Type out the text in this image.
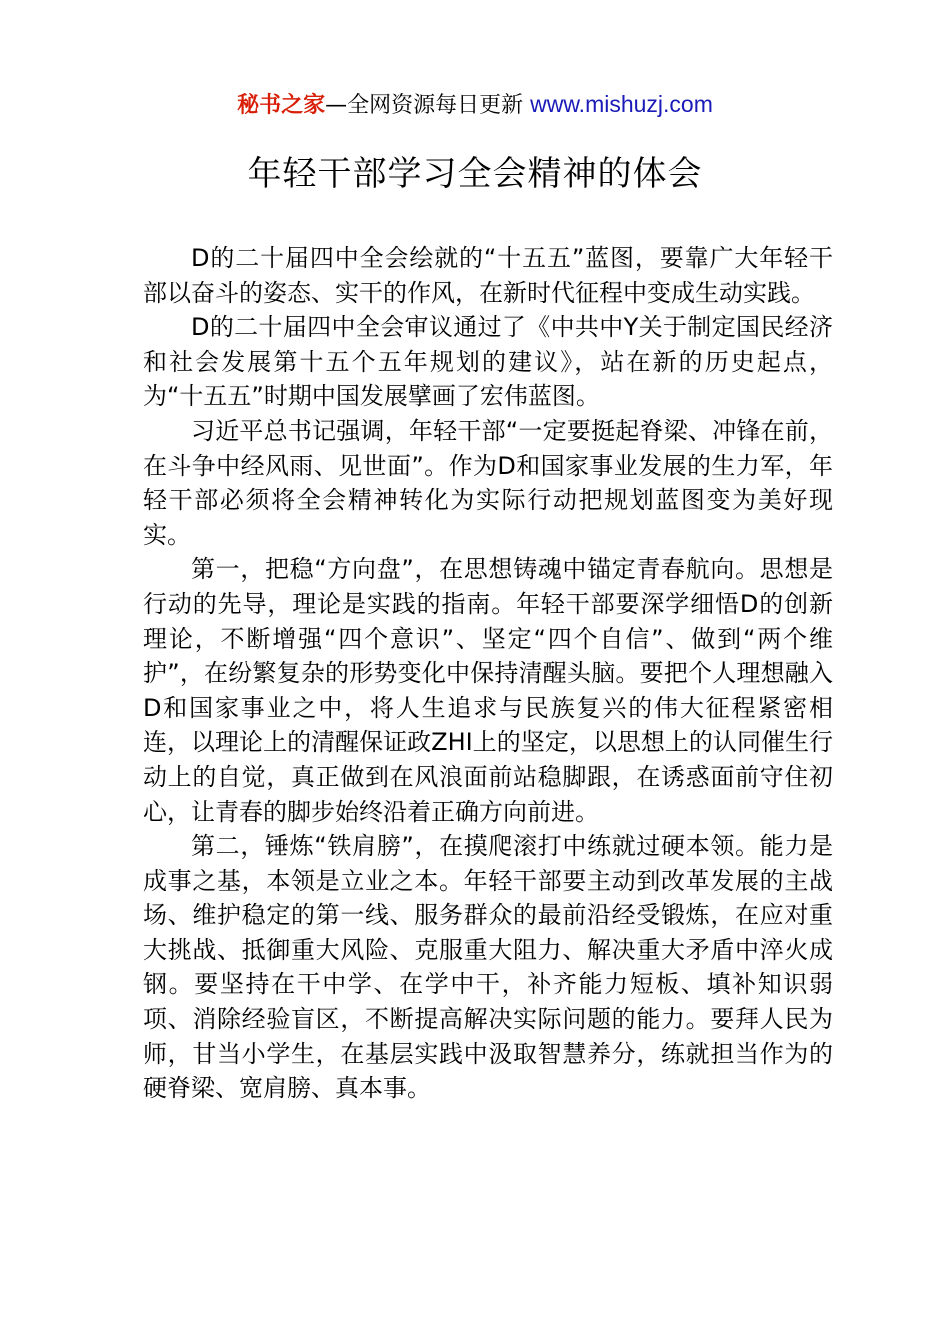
秘书之家—全网资源每日更新 www.mishuzj.com
年轻干部学习全会精神的体会

D的二十届四中全会绘就的“十五五”蓝图，要靠广大年轻干部以奋斗的姿态、实干的作风，在新时代征程中变成生动实践。

D的二十届四中全会审议通过了《中共中Y关于制定国民经济和社会发展第十五个五年规划的建议》，站在新的历史起点，为“十五五”时期中国发展擘画了宏伟蓝图。

习近平总书记强调，年轻干部“一定要挺起脊梁、冲锋在前，在斗争中经风雨、见世面”。作为D和国家事业发展的生力军，年轻干部必须将全会精神转化为实际行动把规划蓝图变为美好现实。

第一，把稳“方向盘”，在思想铸魂中锚定青春航向。思想是行动的先导，理论是实践的指南。年轻干部要深学细悟D的创新理论，不断增强“四个意识”、坚定“四个自信”、做到“两个维护”，在纷繁复杂的形势变化中保持清醒头脑。要把个人理想融入D和国家事业之中，将人生追求与民族复兴的伟大征程紧密相连，以理论上的清醒保证政ZHI上的坚定，以思想上的认同催生行动上的自觉，真正做到在风浪面前站稳脚跟，在诱惑面前守住初心，让青春的脚步始终沿着正确方向前进。

第二，锤炼“铁肩膀”，在摸爬滚打中练就过硬本领。能力是成事之基，本领是立业之本。年轻干部要主动到改革发展的主战场、维护稳定的第一线、服务群众的最前沿经受锻炼，在应对重大挑战、抵御重大风险、克服重大阻力、解决重大矛盾中淬火成钢。要坚持在干中学、在学中干，补齐能力短板、填补知识弱项、消除经验盲区，不断提高解决实际问题的能力。要拜人民为师，甘当小学生，在基层实践中汲取智慧养分，练就担当作为的硬脊梁、宽肩膀、真本事。
